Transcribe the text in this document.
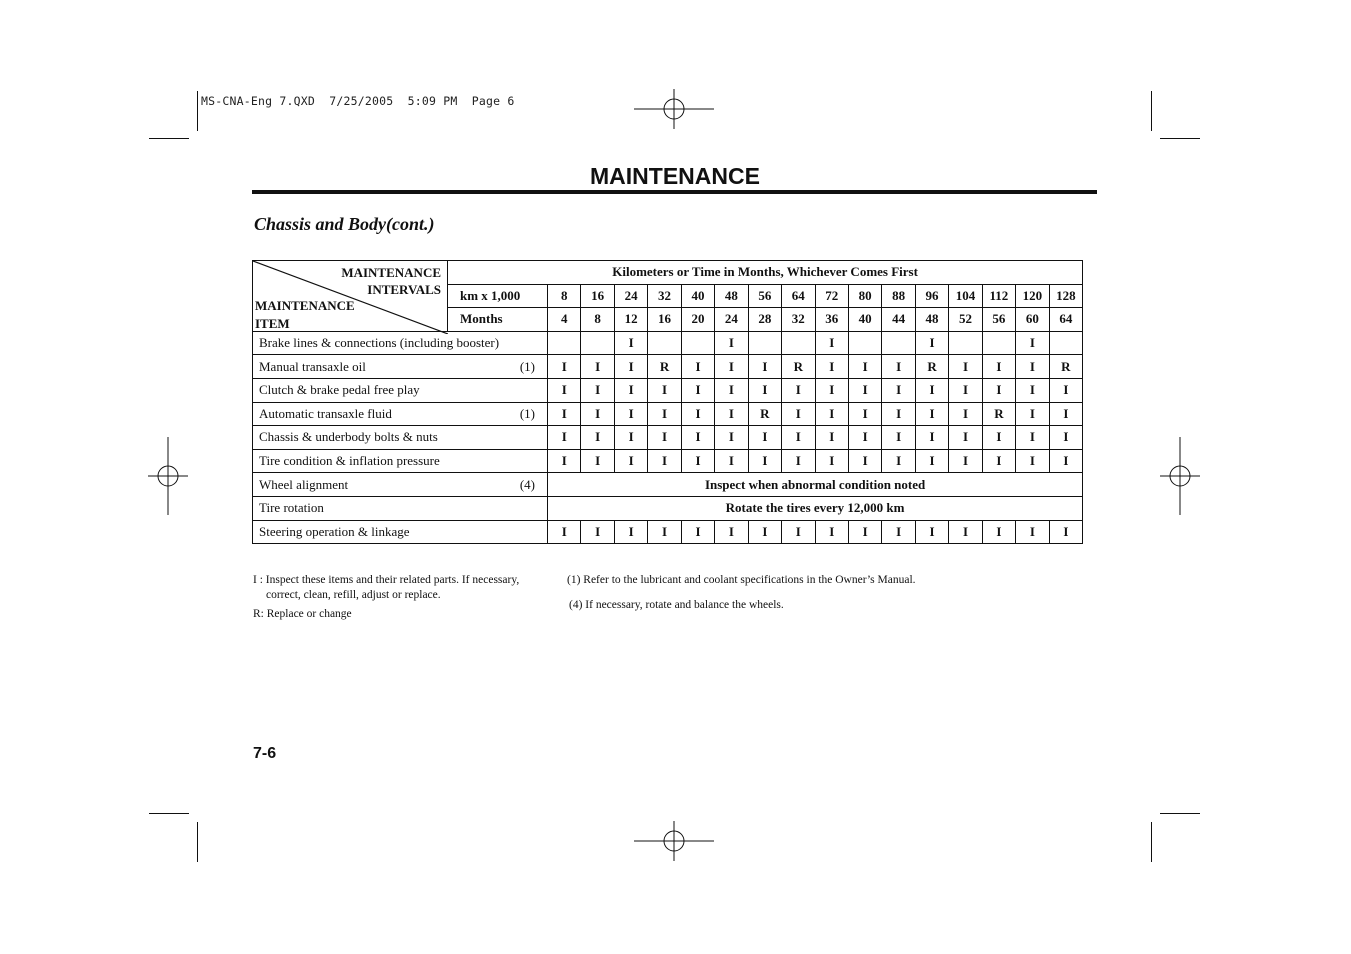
MS-CNA-Eng 7.QXD  7/25/2005  5:09 PM  Page 6
MAINTENANCE
Chassis and Body(cont.)
MAINTENANCE
INTERVALS
MAINTENANCE
ITEM	Kilometers or Time in Months, Whichever Comes First																
	km x 1,000	8	16	24	32	40	48	56	64	72	80	88	96	104	112	120	128
	Months	4	8	12	16	20	24	28	32	36	40	44	48	52	56	60	64

Brake lines & connections (including booster)				I			I			I			I			I	

(1)
Manual transaxle oil		I	I	I	R	I	I	I	R	I	I	I	R	I	I	I	R

Clutch & brake pedal free play		I	I	I	I	I	I	I	I	I	I	I	I	I	I	I	I

(1)
Automatic transaxle fluid		I	I	I	I	I	I	R	I	I	I	I	I	I	R	I	I

Chassis & underbody bolts & nuts		I	I	I	I	I	I	I	I	I	I	I	I	I	I	I	I

Tire condition & inflation pressure		I	I	I	I	I	I	I	I	I	I	I	I	I	I	I	I

(4)
Wheel alignment		Inspect when abnormal condition noted															

Tire rotation		Rotate the tires every 12,000 km															

Steering operation & linkage		I	I	I	I	I	I	I	I	I	I	I	I	I	I	I	I
I : Inspect these items and their related parts. If necessary,
correct, clean, refill, adjust or replace.
R: Replace or change
(1) Refer to the lubricant and coolant specifications in the Owner’s Manual.
(4) If necessary, rotate and balance the wheels.
7-6
